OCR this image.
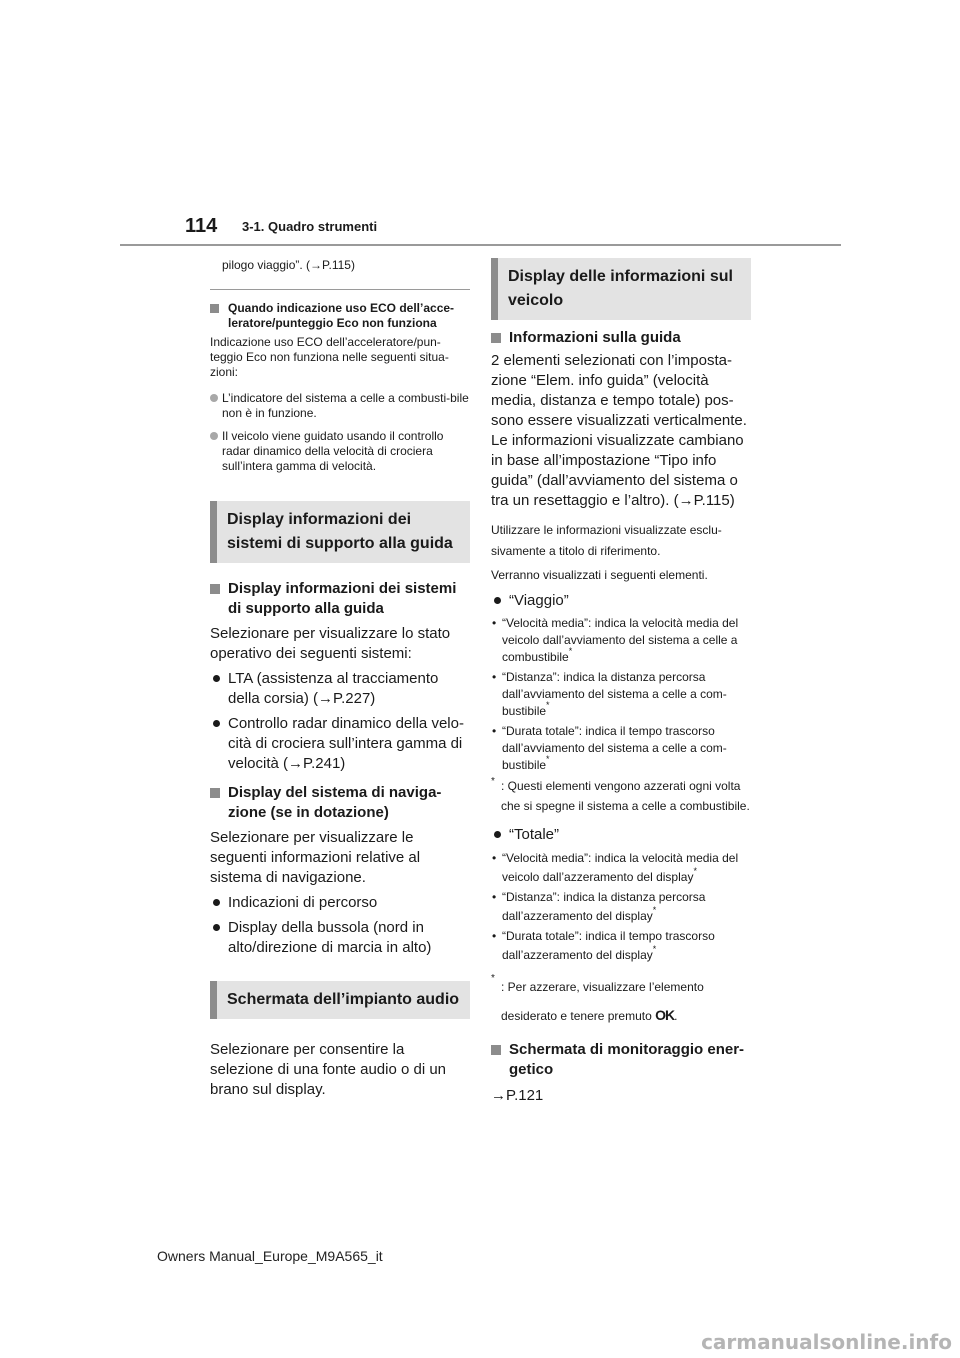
114 3-1. Quadro strumenti

pilogo viaggio”. (→P.115)

Quando indicazione uso ECO dell’acce-leratore/punteggio Eco non funziona

Indicazione uso ECO dell’acceleratore/pun-teggio Eco non funziona nelle seguenti situa-zioni:

L’indicatore del sistema a celle a combusti-bile non è in funzione.
Il veicolo viene guidato usando il controllo radar dinamico della velocità di crociera sull’intera gamma di velocità.
Display informazioni dei sistemi di supporto alla guida
Display informazioni dei sistemi di supporto alla guida

Selezionare per visualizzare lo stato operativo dei seguenti sistemi:

LTA (assistenza al tracciamento della corsia) (→P.227)
Controllo radar dinamico della velo-cità di crociera sull’intera gamma di velocità (→P.241)
Display del sistema di naviga-zione (se in dotazione)

Selezionare per visualizzare le seguenti informazioni relative al sistema di navigazione.

Indicazioni di percorso
Display della bussola (nord in alto/direzione di marcia in alto)
Schermata dell’impianto audio

Selezionare per consentire la selezione di una fonte audio o di un brano sul display.

Display delle informazioni sul veicolo
Informazioni sulla guida

2 elementi selezionati con l’imposta-zione “Elem. info guida” (velocità media, distanza e tempo totale) pos-sono essere visualizzati verticalmente. Le informazioni visualizzate cambiano in base all’impostazione “Tipo info guida” (dall’avviamento del sistema o tra un resettaggio e l’altro). (→P.115)

Utilizzare le informazioni visualizzate esclu-sivamente a titolo di riferimento.

Verranno visualizzati i seguenti elementi.

“Viaggio”
• “Velocità media”: indica la velocità media del veicolo dall’avviamento del sistema a celle a combustibile*
• “Distanza”: indica la distanza percorsa dall’avviamento del sistema a celle a com-bustibile*
• “Durata totale”: indica il tempo trascorso dall’avviamento del sistema a celle a com-bustibile*
* : Questi elementi vengono azzerati ogni volta che si spegne il sistema a celle a combustibile.
“Totale”
• “Velocità media”: indica la velocità media del veicolo dall’azzeramento del display*
• “Distanza”: indica la distanza percorsa dall’azzeramento del display*
• “Durata totale”: indica il tempo trascorso dall’azzeramento del display*
*
: Per azzerare, visualizzare l’elemento
desiderato e tenere premuto OK.
Schermata di monitoraggio ener-getico

→P.121

Owners Manual_Europe_M9A565_it
carmanualsonline.info
